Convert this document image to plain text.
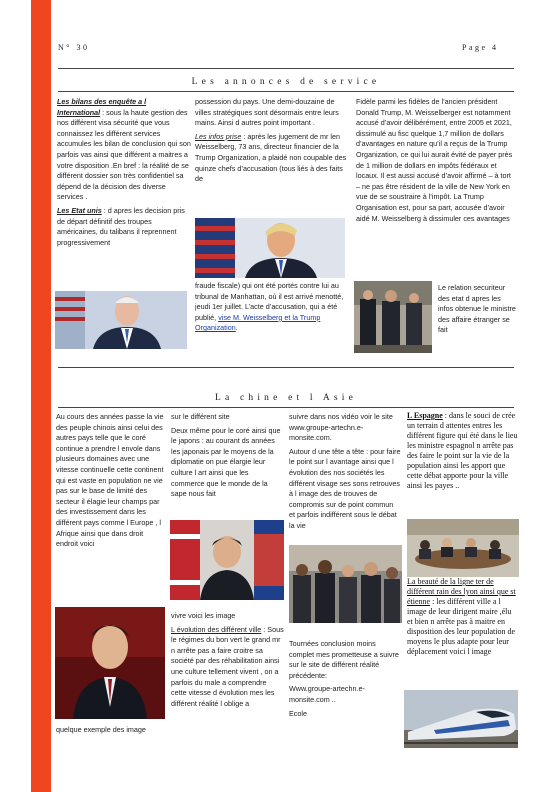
N° 30	Page 4
Les annonces de service

Les bilans des enquête a l International : sous la haute gestion des nos différent visa sécurité que vous connaissez les différent services accumules les bilan de conclusion qui son parfois vas ainsi que différent a maitres a votre disposition .En bref : la réalité de se différent dossier son très confidentiel sa dépend de la décision des diverse services .

Les Etat unis : d apres les decision pris de départ définitif des troupes américaines, du talibans il reprennent progressivement

possession du pays. Une demi-douzaine de villes stratégiques sont désormais entre leurs mains. Ainsi d autres point important .

Les infos prise : après les jugement de mr len Weisselberg, 73 ans, directeur financier de la Trump Organization, a plaidé non coupable des quinze chefs d’accusation (tous liés à des faits de

fraude fiscale) qui ont été portés contre lui au tribunal de Manhattan, où il est arrivé menotté, jeudi 1er juillet. L’acte d’accusation, qui a été publié, vise M. Weisselberg et la Trump Organization.

Fidèle parmi les fidèles de l’ancien président Donald Trump, M. Weisselberger est notamment accusé d’avoir délibérément, entre 2005 et 2021, dissimulé au fisc quelque 1,7 million de dollars d’avantages en nature qu’il a reçus de la Trump Organization, ce qui lui aurait évité de payer près de 1 million de dollars en impôts fédéraux et locaux. Il est aussi accusé d’avoir affirmé – à tort – ne pas être résident de la ville de New York en vue de se soustraire à l’impôt. La Trump Organisation est, pour sa part, accusée d’avoir aidé M. Weisselberg à dissimuler ces avantages

Le relation securiteur des etat d apres les infos obtenue le ministre des affaire étranger se fait
La chine et l Asie

Au cours des années passe la vie des peuple chinois ainsi celui des autres pays telle que le coré continue a prendre l envole dans plusieurs domaines avec une vitesse continuelle cette continent qui est vaste en population ne vie pas sur le base de limité des secteur il élagie leur champs par des investissement dans les différent pays comme l Europe , l Afrique ainsi que dans droit endroit voici

quelque exemple des image

sur le différent site

Deux même pour le coré ainsi que le japons : au courant ds années les japonais par le moyens de la diplomatie on pue élargie leur culture l art ainsi que les commerce que le monde de la sape nous fait

vivre voici les image

L évolution des différent ville : Sous le régimes du bon vert le grand mr n arrête pas a faire croitre sa société par des réhabilitation ainsi une culture tellement vivent , on a parfois du male a comprendre cette vitesse d évolution mes les différent réalité l oblige a

suivre dans nos vidéo voir le site www.groupe-artechn.e-monsite.com.

Autour d une tête a tête : pour faire le point sur l avantage ainsi que l évolution des nos sociétés les différent visage ses sons retrouves à l image des de trouves de compromis sur de point commun et parfois indifférent sous le débat la vie

Tournées conclusion moins complet mes prometteuse a suivre sur le site de différent réalité précédente:

Www.groupe-artechn.e-monsite.com ..

Ecole

L Espagne : dans le souci de crée un terrain d attentes entres les différent figure qui été dans le lieu les ministre espagnol n arrête pas des faire le point sur la vie de la population ainsi les apport que cette débat apporte pour la ville ainsi les payes ..

La beauté de la ligne ter de différent rain des lyon ainsi que st étienne : les différent ville a l image de leur dirigent maire ,élu et bien n arrête pas à maitre en disposition des leur population de moyens le plus adapte pour leur déplacement voici l image
